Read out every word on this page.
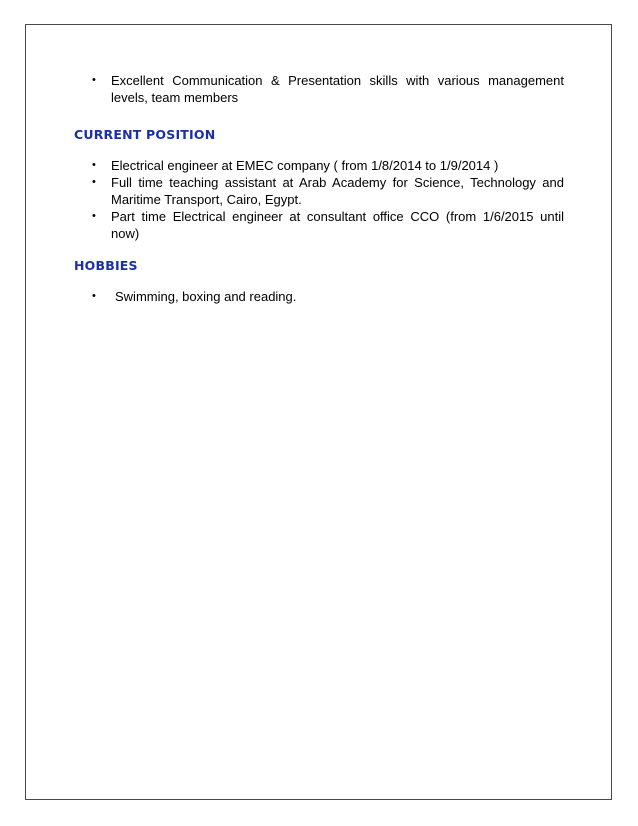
• Excellent Communication & Presentation skills with various management levels, team members
CURRENT POSITION
• Electrical engineer at EMEC company ( from 1/8/2014 to 1/9/2014 )
• Full time teaching assistant at Arab Academy for Science, Technology and Maritime Transport, Cairo, Egypt.
• Part time Electrical engineer at consultant office CCO (from 1/6/2015 until now)
HOBBIES
• Swimming, boxing and reading.
